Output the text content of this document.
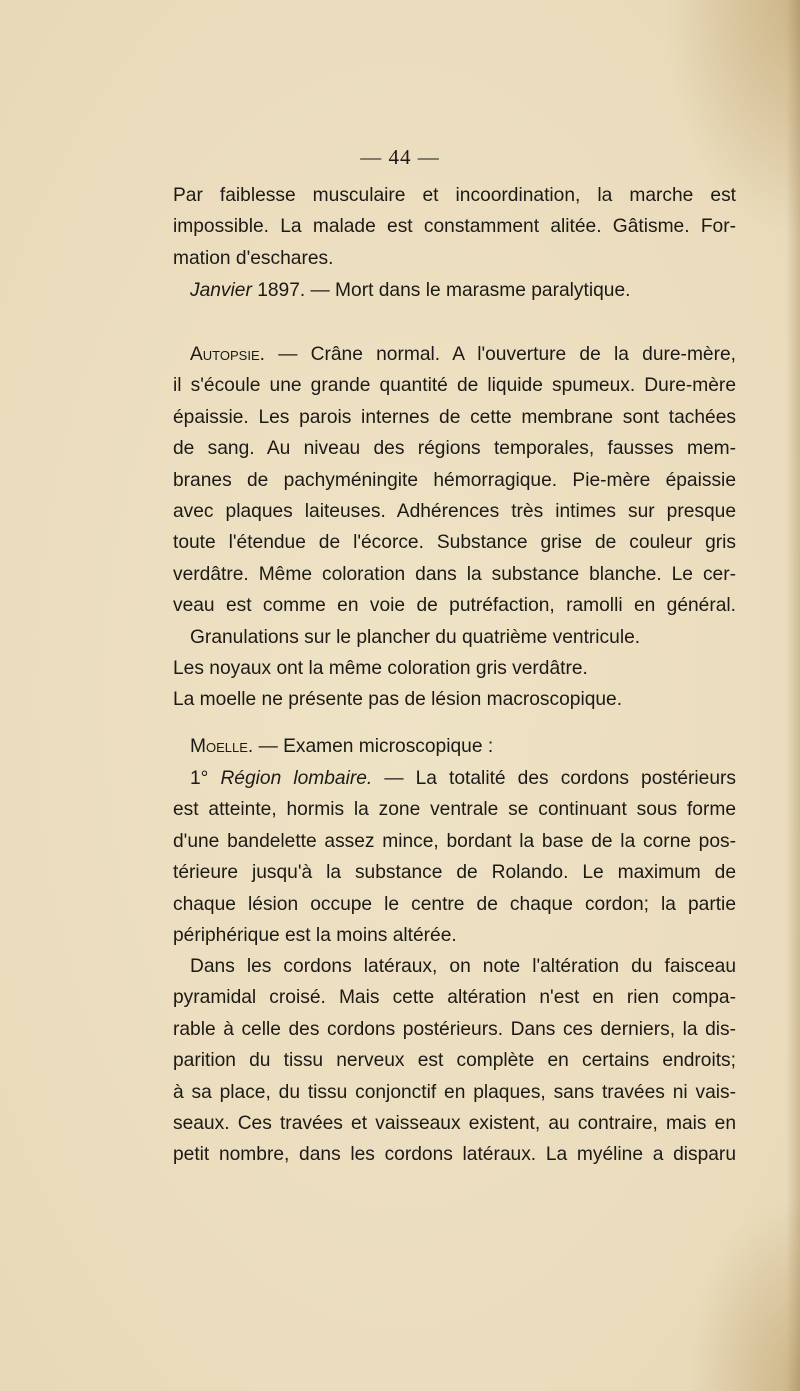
— 44 —
Par faiblesse musculaire et incoordination, la marche est
impossible. La malade est constamment alitée. Gâtisme. For-
mation d'eschares.
Janvier 1897. — Mort dans le marasme paralytique.
Autopsie. — Crâne normal. A l'ouverture de la dure-mère,
il s'écoule une grande quantité de liquide spumeux. Dure-mère
épaissie. Les parois internes de cette membrane sont tachées
de sang. Au niveau des régions temporales, fausses mem-
branes de pachyméningite hémorragique. Pie-mère épaissie
avec plaques laiteuses. Adhérences très intimes sur presque
toute l'étendue de l'écorce. Substance grise de couleur gris
verdâtre. Même coloration dans la substance blanche. Le cer-
veau est comme en voie de putréfaction, ramolli en général.
Granulations sur le plancher du quatrième ventricule.
Les noyaux ont la même coloration gris verdâtre.
La moelle ne présente pas de lésion macroscopique.
Moelle. — Examen microscopique :
1° Région lombaire. — La totalité des cordons postérieurs
est atteinte, hormis la zone ventrale se continuant sous forme
d'une bandelette assez mince, bordant la base de la corne pos-
térieure jusqu'à la substance de Rolando. Le maximum de
chaque lésion occupe le centre de chaque cordon; la partie
périphérique est la moins altérée.
Dans les cordons latéraux, on note l'altération du faisceau
pyramidal croisé. Mais cette altération n'est en rien compa-
rable à celle des cordons postérieurs. Dans ces derniers, la dis-
parition du tissu nerveux est complète en certains endroits;
à sa place, du tissu conjonctif en plaques, sans travées ni vais-
seaux. Ces travées et vaisseaux existent, au contraire, mais en
petit nombre, dans les cordons latéraux. La myéline a disparu
